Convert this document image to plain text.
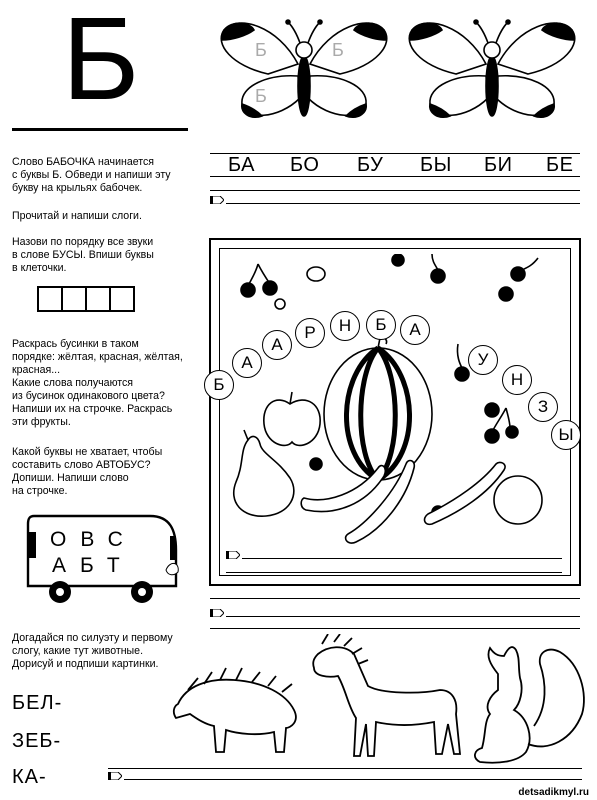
Б	Б	Б
Б

Слово БАБОЧКА начинается

с буквы Б. Обведи и напиши эту

букву на крыльях бабочек.

БА БО БУ БЫ БИ БЕ

Прочитай и напиши слоги.

Назови по порядку все звуки

в слове БУСЫ. Впиши буквы

в клеточки.

Раскрась бусинки в таком

порядке: жёлтая, красная, жёлтая,

красная...

Какие слова получаются

из бусинок одинакового цвета?

Напиши их на строчке. Раскрась

эти фрукты.

Какой буквы не хватает, чтобы

составить слово АВТОБУС?

Допиши. Напиши слово

на строчке.

ОВС
АБТ
Б
А
А
Р	Н	Б	А
У
Н
З
Ы

Догадайся по силуэту и первому

слогу, какие тут животные.

Дорисуй и подпиши картинки.

БЕЛ-
ЗЕБ-
КА-
detsadikmyl.ru
